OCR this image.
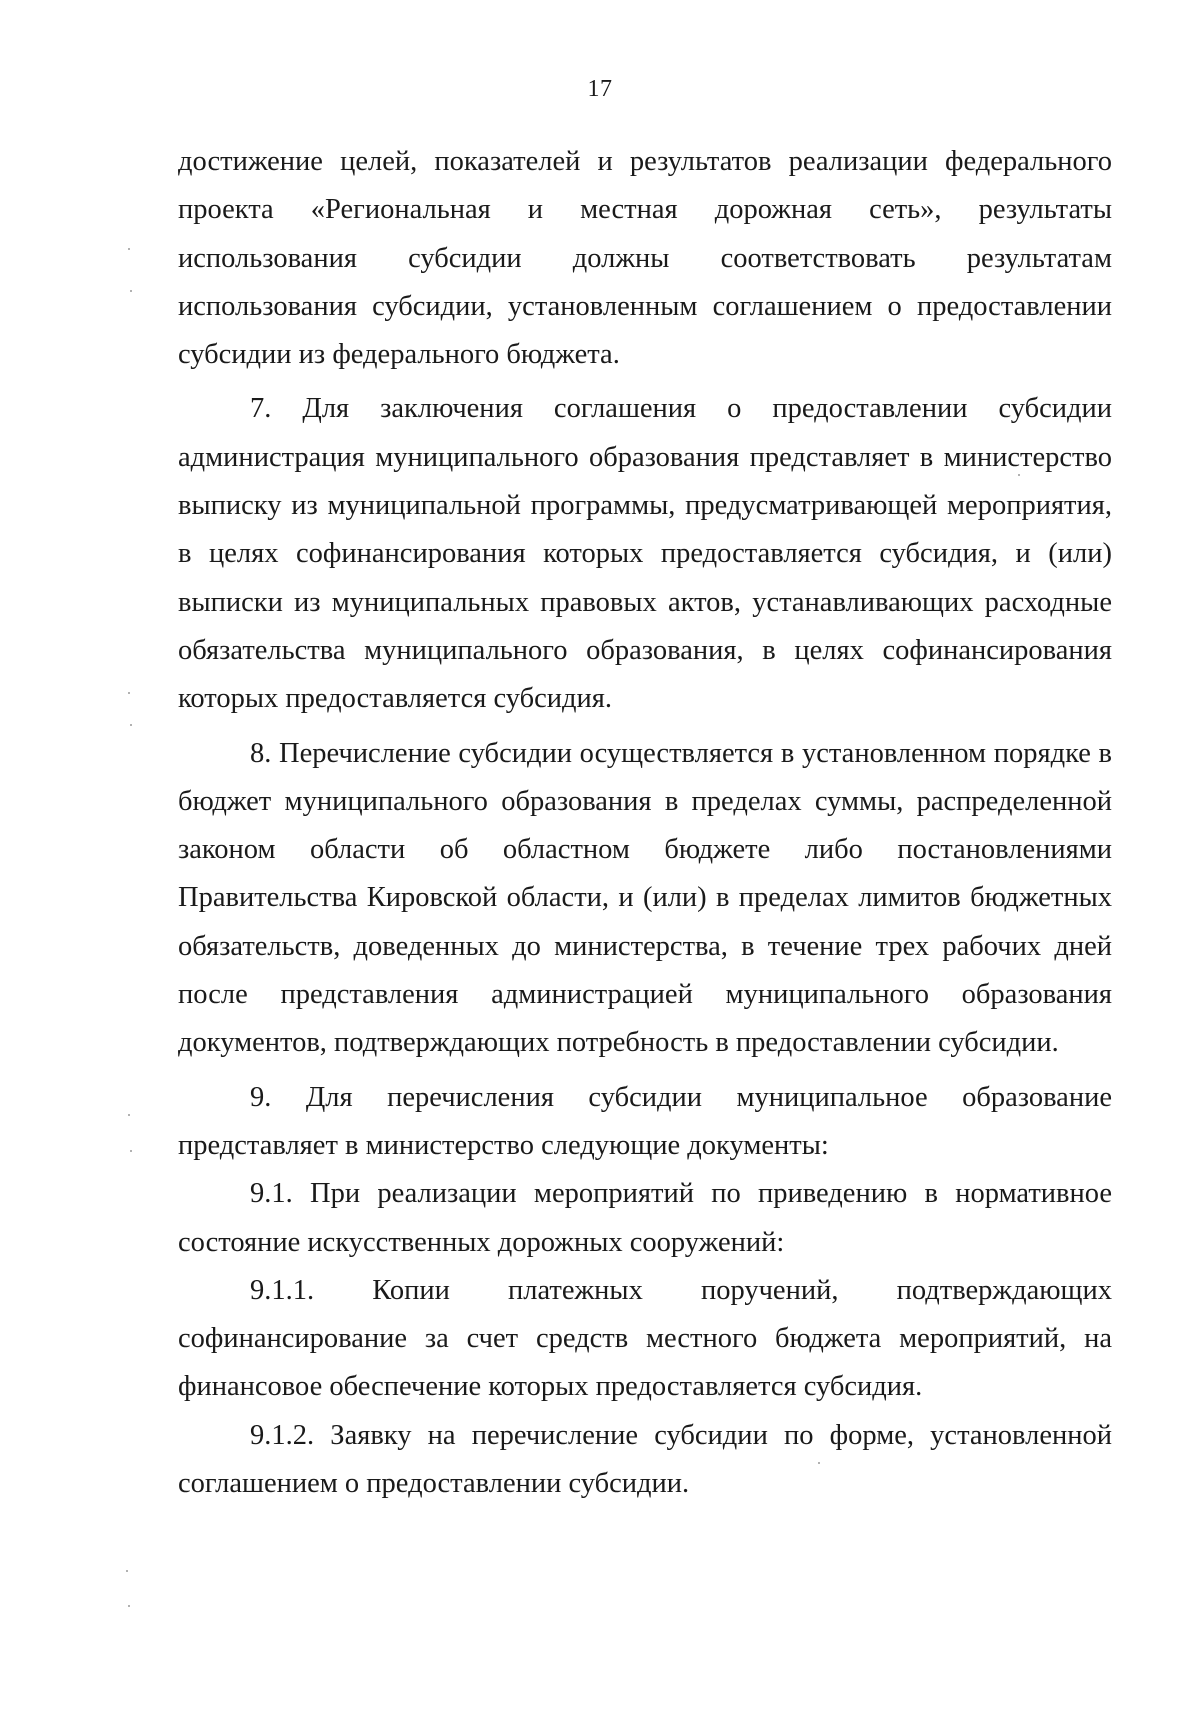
17

достижение целей, показателей и результатов реализации федерального проекта «Региональная и местная дорожная сеть», результаты использования субсидии должны соответствовать результатам использования субсидии, установленным соглашением о предоставлении субсидии из федерального бюджета.

7. Для заключения соглашения о предоставлении субсидии администрация муниципального образования представляет в министерство выписку из муниципальной программы, предусматривающей мероприятия, в целях софинансирования которых предоставляется субсидия, и (или) выписки из муниципальных правовых актов, устанавливающих расходные обязательства муниципального образования, в целях софинансирования которых предоставляется субсидия.

8. Перечисление субсидии осуществляется в установленном порядке в бюджет муниципального образования в пределах суммы, распределенной законом области об областном бюджете либо постановлениями Правительства Кировской области, и (или) в пределах лимитов бюджетных обязательств, доведенных до министерства, в течение трех рабочих дней после представления администрацией муниципального образования документов, подтверждающих потребность в предоставлении субсидии.

9. Для перечисления субсидии муниципальное образование представляет в министерство следующие документы:

9.1. При реализации мероприятий по приведению в нормативное состояние искусственных дорожных сооружений:

9.1.1. Копии платежных поручений, подтверждающих софинансирование за счет средств местного бюджета мероприятий, на финансовое обеспечение которых предоставляется субсидия.

9.1.2. Заявку на перечисление субсидии по форме, установленной соглашением о предоставлении субсидии.
